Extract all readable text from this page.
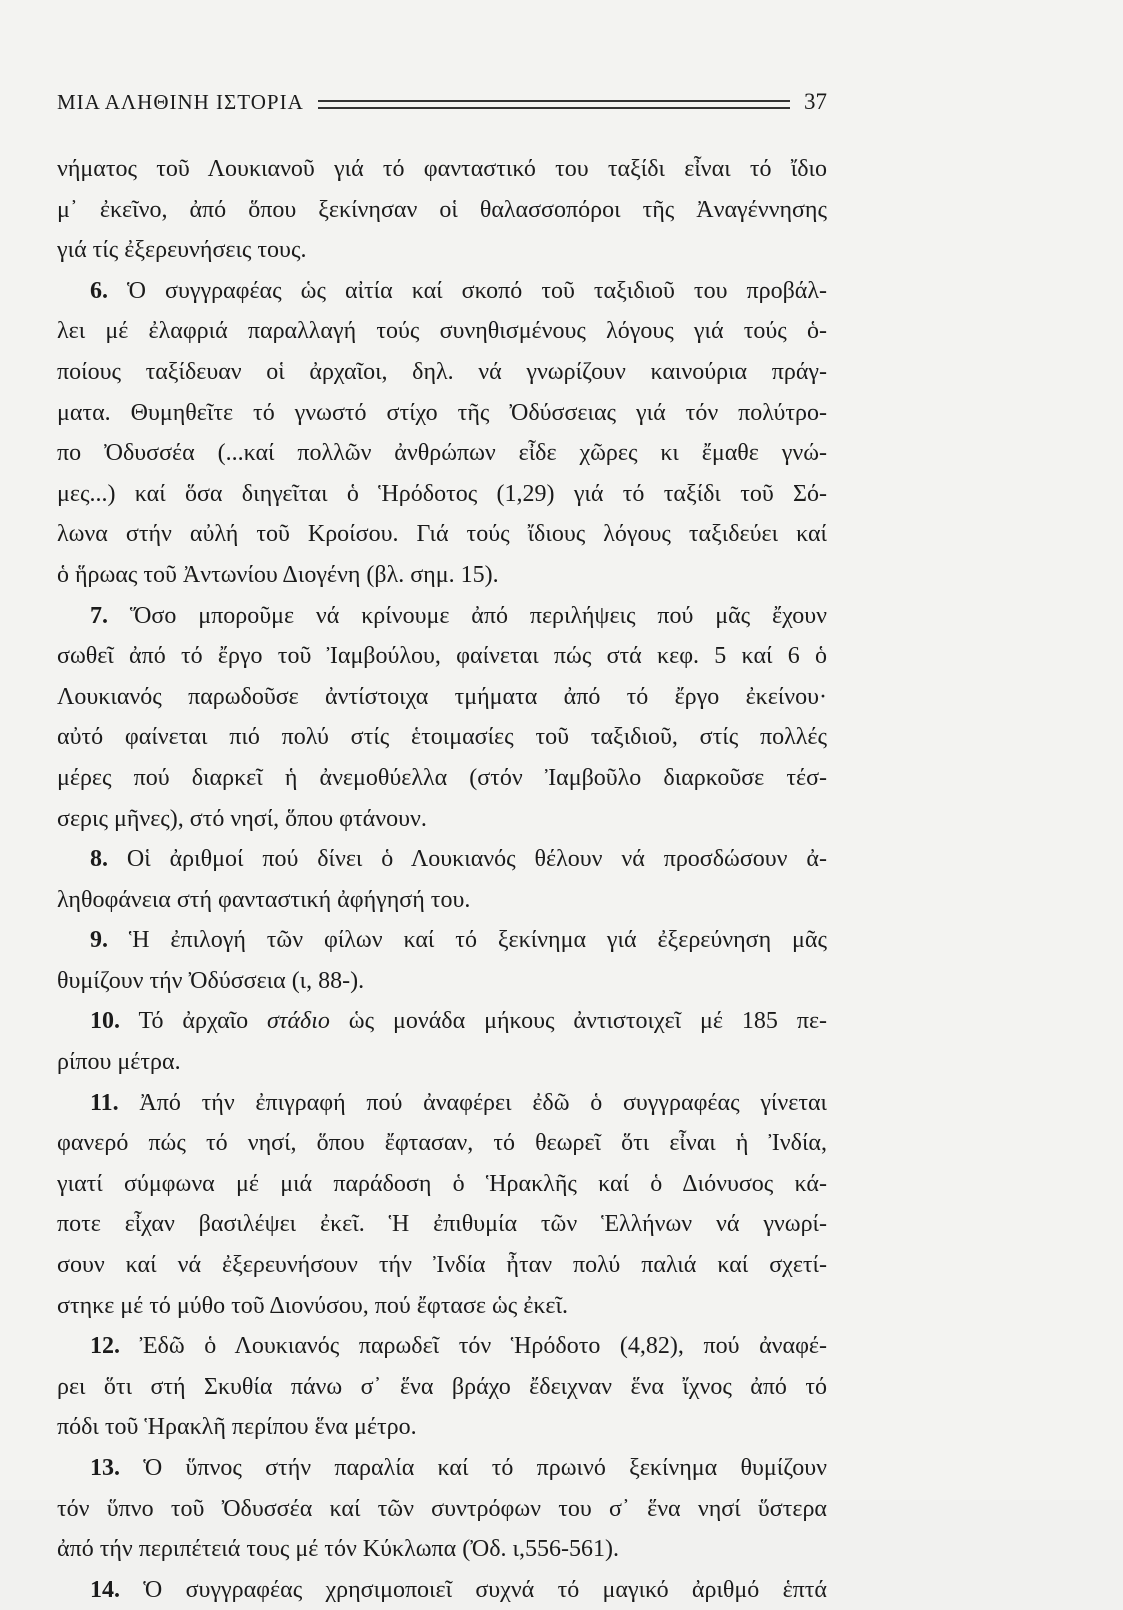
ΜΙΑ ΑΛΗΘΙΝΗ ΙΣΤΟΡΙΑ	37
νήματος τοῦ Λουκιανοῦ γιά τό φανταστικό του ταξίδι εἶναι τό ἴδιο
μ᾽ ἐκεῖνο, ἀπό ὅπου ξεκίνησαν οἱ θαλασσοπόροι τῆς Ἀναγέννησης
γιά τίς ἐξερευνήσεις τους.
6. Ὁ συγγραφέας ὡς αἰτία καί σκοπό τοῦ ταξιδιοῦ του προβάλ-
λει μέ ἐλαφριά παραλλαγή τούς συνηθισμένους λόγους γιά τούς ὁ-
ποίους ταξίδευαν οἱ ἀρχαῖοι, δηλ. νά γνωρίζουν καινούρια πράγ-
ματα. Θυμηθεῖτε τό γνωστό στίχο τῆς Ὀδύσσειας γιά τόν πολύτρο-
πο Ὀδυσσέα (...καί πολλῶν ἀνθρώπων εἶδε χῶρες κι ἔμαθε γνώ-
μες...) καί ὅσα διηγεῖται ὁ Ἡρόδοτος (1,29) γιά τό ταξίδι τοῦ Σό-
λωνα στήν αὐλή τοῦ Κροίσου. Γιά τούς ἴδιους λόγους ταξιδεύει καί
ὁ ἥρωας τοῦ Ἀντωνίου Διογένη (βλ. σημ. 15).
7. Ὅσο μποροῦμε νά κρίνουμε ἀπό περιλήψεις πού μᾶς ἔχουν
σωθεῖ ἀπό τό ἔργο τοῦ Ἰαμβούλου, φαίνεται πώς στά κεφ. 5 καί 6 ὁ
Λουκιανός παρωδοῦσε ἀντίστοιχα τμήματα ἀπό τό ἔργο ἐκείνου·
αὐτό φαίνεται πιό πολύ στίς ἑτοιμασίες τοῦ ταξιδιοῦ, στίς πολλές
μέρες πού διαρκεῖ ἡ ἀνεμοθύελλα (στόν Ἰαμβοῦλο διαρκοῦσε τέσ-
σερις μῆνες), στό νησί, ὅπου φτάνουν.
8. Οἱ ἀριθμοί πού δίνει ὁ Λουκιανός θέλουν νά προσδώσουν ἀ-
ληθοφάνεια στή φανταστική ἀφήγησή του.
9. Ἡ ἐπιλογή τῶν φίλων καί τό ξεκίνημα γιά ἐξερεύνηση μᾶς
θυμίζουν τήν Ὀδύσσεια (ι, 88-).
10. Τό ἀρχαῖο στάδιο ὡς μονάδα μήκους ἀντιστοιχεῖ μέ 185 πε-
ρίπου μέτρα.
11. Ἀπό τήν ἐπιγραφή πού ἀναφέρει ἐδῶ ὁ συγγραφέας γίνεται
φανερό πώς τό νησί, ὅπου ἔφτασαν, τό θεωρεῖ ὅτι εἶναι ἡ Ἰνδία,
γιατί σύμφωνα μέ μιά παράδοση ὁ Ἡρακλῆς καί ὁ Διόνυσος κά-
ποτε εἶχαν βασιλέψει ἐκεῖ. Ἡ ἐπιθυμία τῶν Ἑλλήνων νά γνωρί-
σουν καί νά ἐξερευνήσουν τήν Ἰνδία ἦταν πολύ παλιά καί σχετί-
στηκε μέ τό μύθο τοῦ Διονύσου, πού ἔφτασε ὡς ἐκεῖ.
12. Ἐδῶ ὁ Λουκιανός παρωδεῖ τόν Ἡρόδοτο (4,82), πού ἀναφέ-
ρει ὅτι στή Σκυθία πάνω σ᾽ ἕνα βράχο ἔδειχναν ἕνα ἴχνος ἀπό τό
πόδι τοῦ Ἡρακλῆ περίπου ἕνα μέτρο.
13. Ὁ ὕπνος στήν παραλία καί τό πρωινό ξεκίνημα θυμίζουν
τόν ὕπνο τοῦ Ὀδυσσέα καί τῶν συντρόφων του σ᾽ ἕνα νησί ὕστερα
ἀπό τήν περιπέτειά τους μέ τόν Κύκλωπα (Ὀδ. ι,556-561).
14. Ὁ συγγραφέας χρησιμοποιεῖ συχνά τό μαγικό ἀριθμό ἑπτά
